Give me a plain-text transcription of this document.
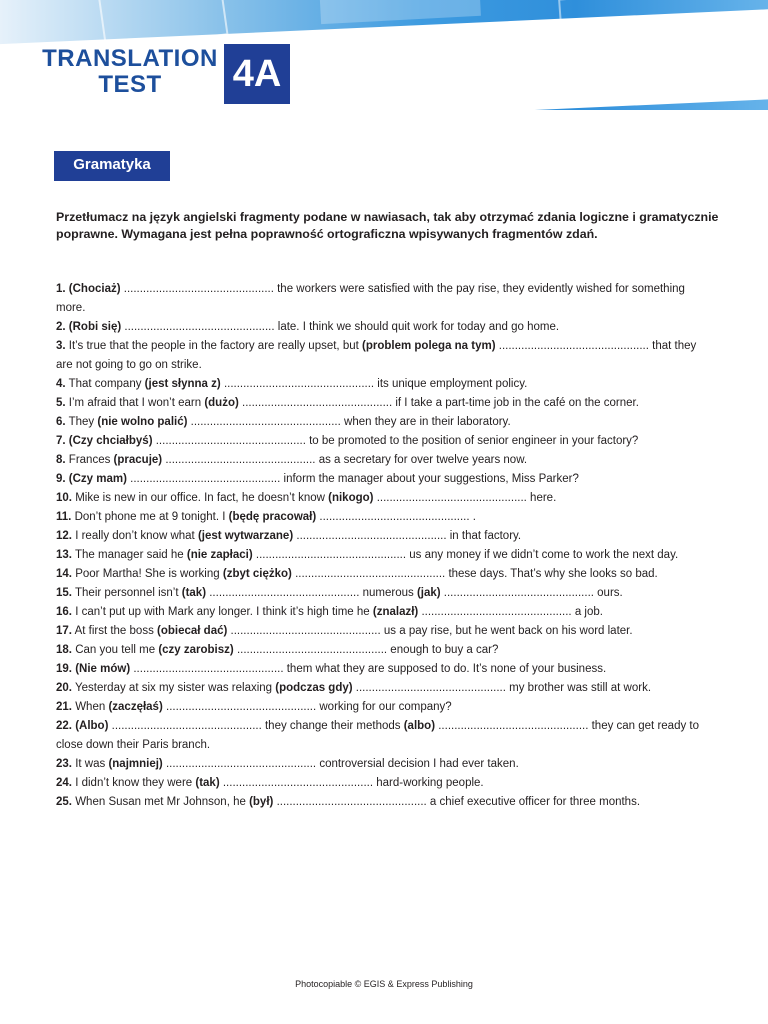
TRANSLATION
TEST	4A Work
Gramatyka
Przetłumacz na język angielski fragmenty podane w nawiasach, tak aby otrzymać zdania logiczne i gramatycznie poprawne. Wymagana jest pełna poprawność ortograficzna wpisywanych fragmentów zdań.

1. (Chociaż) ............................................... the workers were satisfied with the pay rise, they evidently wished for something more.

2. (Robi się) ............................................... late. I think we should quit work for today and go home.

3. It’s true that the people in the factory are really upset, but (problem polega na tym) ............................................... that they are not going to go on strike.

4. That company (jest słynna z) ............................................... its unique employment policy.

5. I’m afraid that I won’t earn (dużo) ............................................... if I take a part-time job in the café on the corner.

6. They (nie wolno palić) ............................................... when they are in their laboratory.

7. (Czy chciałbyś) ............................................... to be promoted to the position of senior engineer in your factory?

8. Frances (pracuje) ............................................... as a secretary for over twelve years now.

9. (Czy mam) ............................................... inform the manager about your suggestions, Miss Parker?

10. Mike is new in our office. In fact, he doesn’t know (nikogo) ............................................... here.

11. Don’t phone me at 9 tonight. I (będę pracował) ............................................... .

12. I really don’t know what (jest wytwarzane) ............................................... in that factory.

13. The manager said he (nie zapłaci) ............................................... us any money if we didn’t come to work the next day.

14. Poor Martha! She is working (zbyt ciężko) ............................................... these days. That’s why she looks so bad.

15. Their personnel isn’t (tak) ............................................... numerous (jak) ............................................... ours.

16. I can’t put up with Mark any longer. I think it’s high time he (znalazł) ............................................... a job.

17. At first the boss (obiecał dać) ............................................... us a pay rise, but he went back on his word later.

18. Can you tell me (czy zarobisz) ............................................... enough to buy a car?

19. (Nie mów) ............................................... them what they are supposed to do. It’s none of your business.

20. Yesterday at six my sister was relaxing (podczas gdy) ............................................... my brother was still at work.

21. When (zaczęłaś) ............................................... working for our company?

22. (Albo) ............................................... they change their methods (albo) ............................................... they can get ready to close down their Paris branch.

23. It was (najmniej) ............................................... controversial decision I had ever taken.

24. I didn’t know they were (tak) ............................................... hard-working people.

25. When Susan met Mr Johnson, he (był) ............................................... a chief executive officer for three months.

Photocopiable © EGIS & Express Publishing
